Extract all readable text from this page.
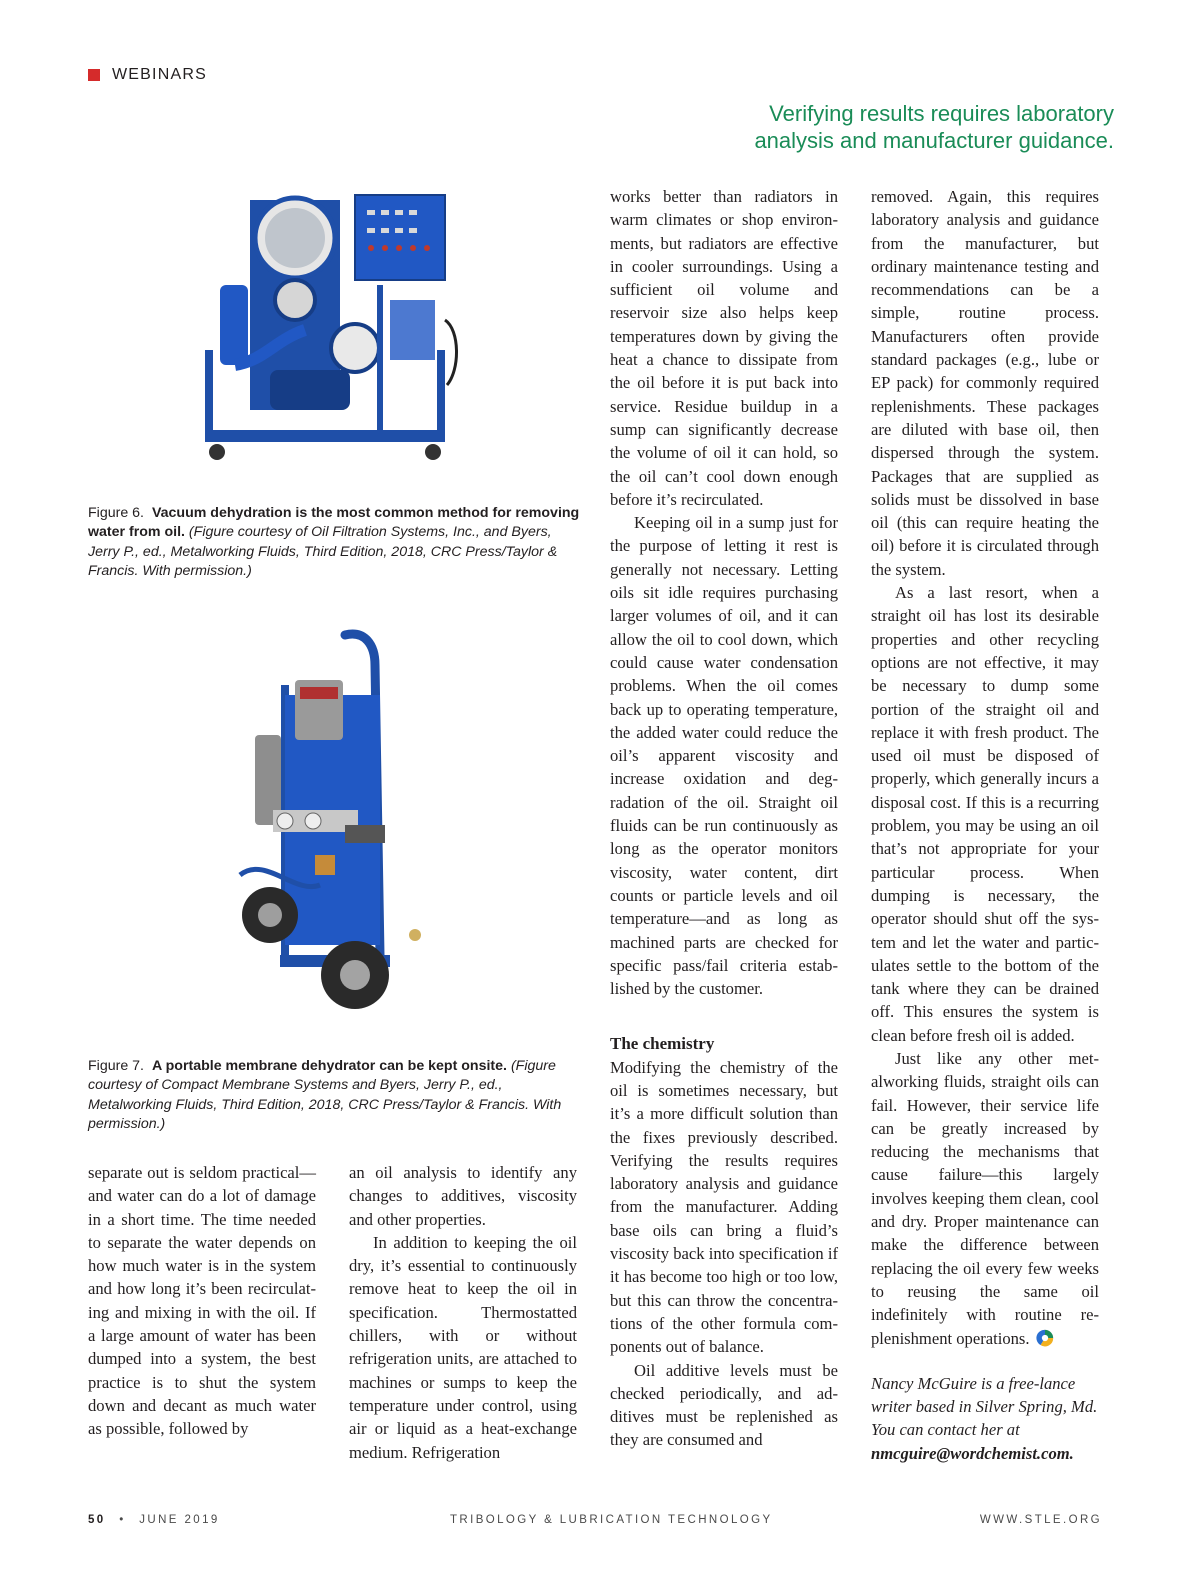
WEBINARS
Verifying results requires laboratory
analysis and manufacturer guidance.
Figure 6. Vacuum dehydration is the most common method for removing water from oil. (Figure courtesy of Oil Filtration Systems, Inc., and Byers, Jerry P., ed., Metalworking Fluids, Third Edition, 2018, CRC Press/Taylor & Francis. With permission.)
Figure 7. A portable membrane dehydrator can be kept onsite. (Figure courtesy of Compact Membrane Systems and Byers, Jerry P., ed., Metalworking Fluids, Third Edition, 2018, CRC Press/Taylor & Francis. With permission.)

separate out is seldom practical—and water can do a lot of damage in a short time. The time needed to separate the water depends on how much water is in the system and how long it’s been recirculating and mixing in with the oil. If a large amount of water has been dumped into a system, the best practice is to shut the system down and decant as much water as possible, followed by

an oil analysis to identify any changes to additives, viscosity and other properties.

In addition to keeping the oil dry, it’s essential to continuously remove heat to keep the oil in specification. Thermostatted chillers, with or without refrigeration units, are attached to machines or sumps to keep the temperature under control, using air or liquid as a heat-exchange medium. Refrigeration

works better than radiators in warm climates or shop environments, but radiators are effective in cooler surroundings. Using a sufficient oil volume and reservoir size also helps keep temperatures down by giving the heat a chance to dissipate from the oil before it is put back into service. Residue buildup in a sump can significantly decrease the volume of oil it can hold, so the oil can’t cool down enough before it’s recirculated.

Keeping oil in a sump just for the purpose of letting it rest is generally not necessary. Letting oils sit idle requires purchasing larger volumes of oil, and it can allow the oil to cool down, which could cause water condensation problems. When the oil comes back up to operating temperature, the added water could reduce the oil’s apparent viscosity and increase oxidation and degradation of the oil. Straight oil fluids can be run continuously as long as the operator monitors viscosity, water content, dirt counts or particle levels and oil temperature—and as long as machined parts are checked for specific pass/fail criteria established by the customer.

The chemistry

Modifying the chemistry of the oil is sometimes necessary, but it’s a more difficult solution than the fixes previously described. Verifying the results requires laboratory analysis and guidance from the manufacturer. Adding base oils can bring a fluid’s viscosity back into specification if it has become too high or too low, but this can throw the concentrations of the other formula components out of balance.

Oil additive levels must be checked periodically, and additives must be replenished as they are consumed and

removed. Again, this requires laboratory analysis and guidance from the manufacturer, but ordinary maintenance testing and recommendations can be a simple, routine process. Manufacturers often provide standard packages (e.g., lube or EP pack) for commonly required replenishments. These packages are diluted with base oil, then dispersed through the system. Packages that are supplied as solids must be dissolved in base oil (this can require heating the oil) before it is circulated through the system.

As a last resort, when a straight oil has lost its desirable properties and other recycling options are not effective, it may be necessary to dump some portion of the straight oil and replace it with fresh product. The used oil must be disposed of properly, which generally incurs a disposal cost. If this is a recurring problem, you may be using an oil that’s not appropriate for your particular process. When dumping is necessary, the operator should shut off the system and let the water and particulates settle to the bottom of the tank where they can be drained off. This ensures the system is clean before fresh oil is added.

Just like any other metalworking fluids, straight oils can fail. However, their service life can be greatly increased by reducing the mechanisms that cause failure—this largely involves keeping them clean, cool and dry. Proper maintenance can make the difference between replacing the oil every few weeks to reusing the same oil indefinitely with routine replenishment operations.

Nancy McGuire is a free-lance writer based in Silver Spring, Md. You can contact her at nmcguire@wordchemist.com.

50 • JUNE 2019	TRIBOLOGY & LUBRICATION TECHNOLOGY	WWW.STLE.ORG
